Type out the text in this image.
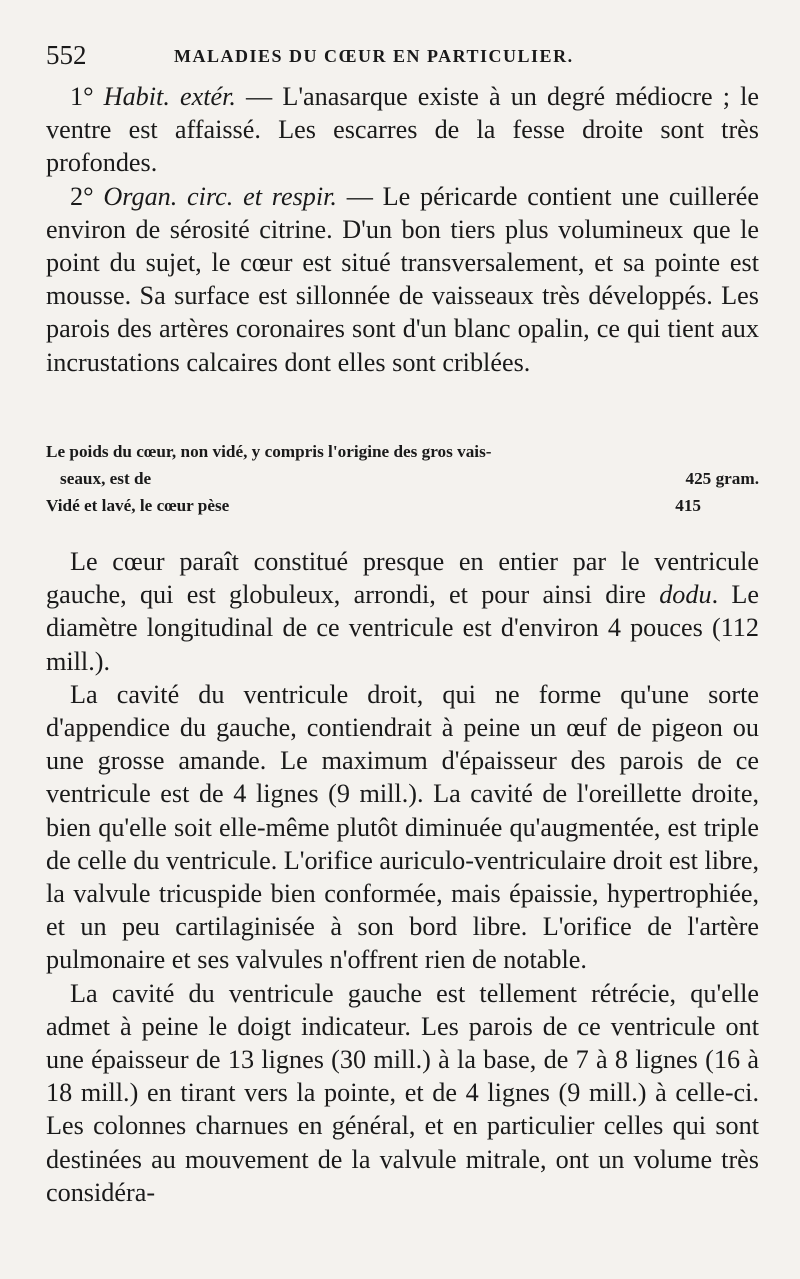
552	MALADIES DU CŒUR EN PARTICULIER.

1° Habit. extér. — L'anasarque existe à un degré médiocre ; le ventre est affaissé. Les escarres de la fesse droite sont très profondes.

2° Organ. circ. et respir. — Le péricarde contient une cuillerée environ de sérosité citrine. D'un bon tiers plus volumineux que le point du sujet, le cœur est situé transversalement, et sa pointe est mousse. Sa surface est sillonnée de vaisseaux très développés. Les parois des artères coronaires sont d'un blanc opalin, ce qui tient aux incrustations calcaires dont elles sont criblées.

Le poids du cœur, non vidé, y compris l'origine des gros vais-
seaux, est de	425 gram.
Vidé et lavé, le cœur pèse	415

Le cœur paraît constitué presque en entier par le ventricule gauche, qui est globuleux, arrondi, et pour ainsi dire dodu. Le diamètre longitudinal de ce ventricule est d'environ 4 pouces (112 mill.).

La cavité du ventricule droit, qui ne forme qu'une sorte d'appendice du gauche, contiendrait à peine un œuf de pigeon ou une grosse amande. Le maximum d'épaisseur des parois de ce ventricule est de 4 lignes (9 mill.). La cavité de l'oreillette droite, bien qu'elle soit elle-même plutôt diminuée qu'augmentée, est triple de celle du ventricule. L'orifice auriculo-ventriculaire droit est libre, la valvule tricuspide bien conformée, mais épaissie, hypertrophiée, et un peu cartilaginisée à son bord libre. L'orifice de l'artère pulmonaire et ses valvules n'offrent rien de notable.

La cavité du ventricule gauche est tellement rétrécie, qu'elle admet à peine le doigt indicateur. Les parois de ce ventricule ont une épaisseur de 13 lignes (30 mill.) à la base, de 7 à 8 lignes (16 à 18 mill.) en tirant vers la pointe, et de 4 lignes (9 mill.) à celle-ci. Les colonnes charnues en général, et en particulier celles qui sont destinées au mouvement de la valvule mitrale, ont un volume très considéra-
